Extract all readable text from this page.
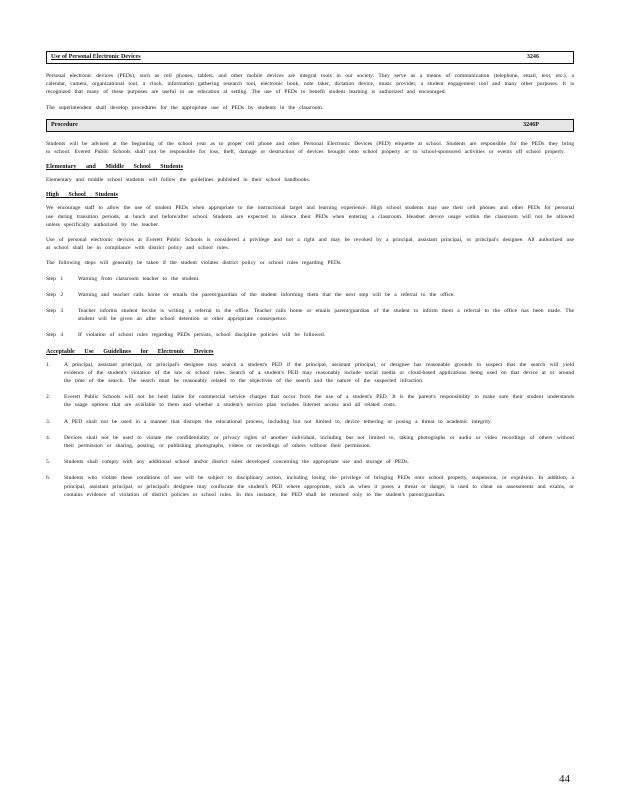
Use of Personal Electronic Devices	3246

Personal electronic devices (PEDs), such as cell phones, tablets, and other mobile devices are integral tools in our society. They serve as a means of communication (telephone, email, text, etc.), a calendar, camera, organizational tool, a clock, information gathering research tool, electronic book, note taker, dictation device, music provider, a student engagement tool and many other purposes. It is recognized that many of these purposes are useful in an education al setting. The use of PEDs to benefit student learning is authorized and encouraged.

The superintendent shall develop procedures for the appropriate use of PEDs by students in the classroom.

Procedure	3246P

Students will be advised at the beginning of the school year as to proper cell phone and other Personal Electronic Devices (PED) etiquette at school. Students are responsible for the PEDs they bring to school. Everett Public Schools shall not be responsible for loss, theft, damage or destruction of devices brought onto school property or to school-sponsored activities or events off school property.

Elementary and Middle School Students

Elementary and middle school students will follow the guidelines published in their school handbooks.

High School Students

We encourage staff to allow the use of student PEDs when appropriate to the instructional target and learning experience. High school students may use their cell phones and other PEDs for personal use during transition periods, at lunch and before/after school. Students are expected to silence their PEDs when entering a classroom. Headset device usage within the classroom will not be allowed unless specifically authorized by the teacher.

Use of personal electronic devices at Everett Public Schools is considered a privilege and not a right and may be revoked by a principal, assistant principal, or principal's designee. All authorized use at school shall be in compliance with district policy and school rules.

The following steps will generally be taken if the student violates district policy or school rules regarding PEDs.

Step 1	Warning from classroom teacher to the student.
Step 2	Warning and teacher calls home or emails the parent/guardian of the student informing them that the next step will be a referral to the office.
Step 3	Teacher informs student he/she is writing a referral to the office. Teacher calls home or emails parent/guardian of the student to inform them a referral to the office has been made. The student will be given an after school detention or other appropriate consequence.
Step 4	If violation of school rules regarding PEDs persists, school discipline policies will be followed.
Acceptable Use Guidelines for Electronic Devices
1.	A principal, assistant principal, or principal's designee may search a student's PED if the principal, assistant principal, or designee has reasonable grounds to suspect that the search will yield evidence of the student's violation of the law or school rules. Search of a student's PED may reasonably include social media or cloud-based applications being used on that device at or around the time of the search. The search must be reasonably related to the objectives of the search and the nature of the suspected infraction.
2.	Everett Public Schools will not be held liable for commercial service charges that occur from the use of a student's PED. It is the parent's responsibility to make sure their student understands the usage options that are available to them and whether a student's service plan includes Internet access and all related costs.
3.	A PED shall not be used in a manner that disrupts the educational process, including but not limited to, device tethering or posing a threat to academic integrity.
4.	Devices shall not be used to violate the confidentiality or privacy rights of another individual, including but not limited to, taking photographs or audio or video recordings of others without their permission or sharing, posting, or publishing photographs, videos or recordings of others without their permission.
5.	Students shall comply with any additional school and/or district rules developed concerning the appropriate use and storage of PEDs.
6.	Students who violate these conditions of use will be subject to disciplinary action, including losing the privilege of bringing PEDs onto school property, suspension, or expulsion. In addition, a principal, assistant principal, or principal's designee may confiscate the student's PED where appropriate, such as when it poses a threat or danger, is used to cheat on assessments and exams, or contains evidence of violation of district policies or school rules. In this instance, the PED shall be returned only to the student's parent/guardian.
44
